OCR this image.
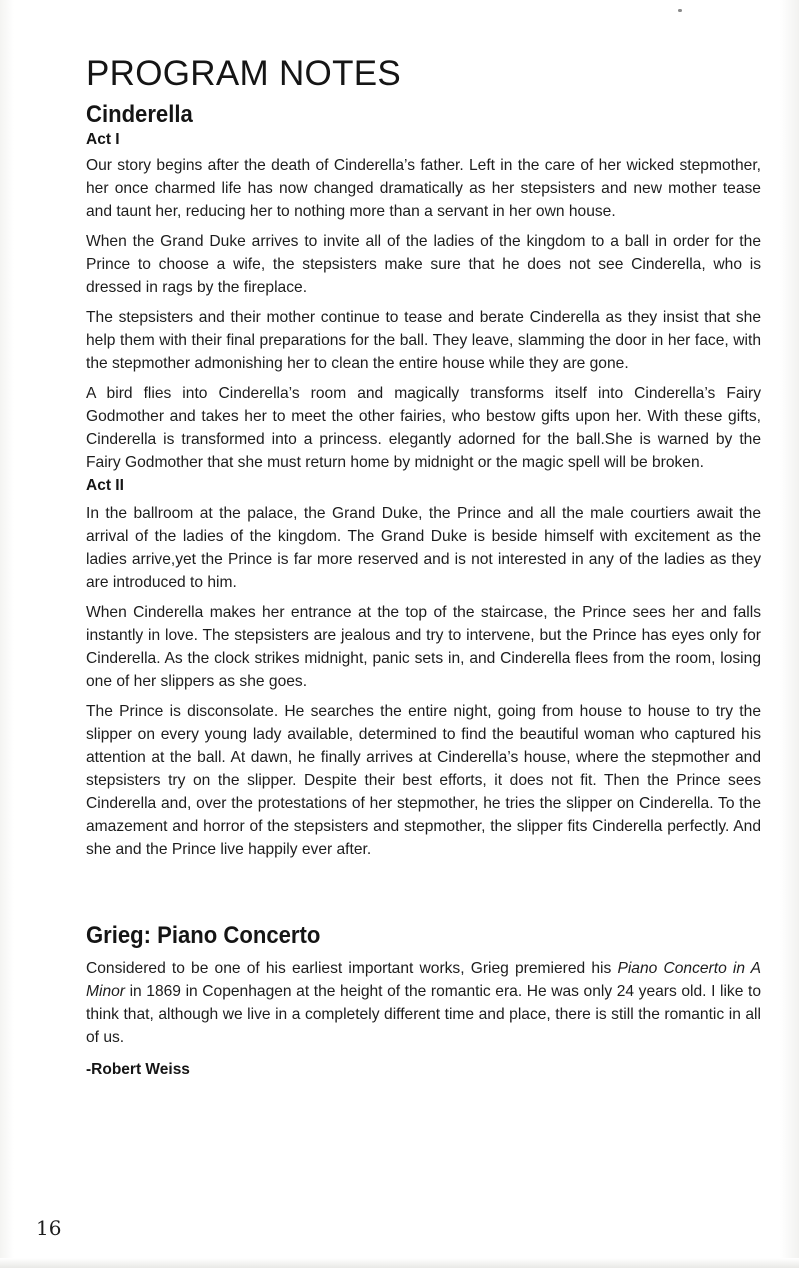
PROGRAM NOTES
Cinderella
Act I

Our story begins after the death of Cinderella’s father. Left in the care of her wicked stepmother, her once charmed life has now changed dramatically as her stepsisters and new mother tease and taunt her, reducing her to nothing more than a servant in her own house.

When the Grand Duke arrives to invite all of the ladies of the kingdom to a ball in order for the Prince to choose a wife, the stepsisters make sure that he does not see Cinderella, who is dressed in rags by the fireplace.

The stepsisters and their mother continue to tease and berate Cinderella as they insist that she help them with their final preparations for the ball. They leave, slamming the door in her face, with the stepmother admonishing her to clean the entire house while they are gone.

A bird flies into Cinderella’s room and magically transforms itself into Cinderella’s Fairy Godmother and takes her to meet the other fairies, who bestow gifts upon her. With these gifts, Cinderella is transformed into a princess. elegantly adorned for the ball.She is warned by the Fairy Godmother that she must return home by midnight or the magic spell will be broken.

Act II

In the ballroom at the palace, the Grand Duke, the Prince and all the male courtiers await the arrival of the ladies of the kingdom. The Grand Duke is beside himself with excitement as the ladies arrive,yet the Prince is far more reserved and is not interested in any of the ladies as they are introduced to him.

When Cinderella makes her entrance at the top of the staircase, the Prince sees her and falls instantly in love. The stepsisters are jealous and try to intervene, but the Prince has eyes only for Cinderella. As the clock strikes midnight, panic sets in, and Cinderella flees from the room, losing one of her slippers as she goes.

The Prince is disconsolate. He searches the entire night, going from house to house to try the slipper on every young lady available, determined to find the beautiful woman who captured his attention at the ball. At dawn, he finally arrives at Cinderella’s house, where the stepmother and stepsisters try on the slipper. Despite their best efforts, it does not fit. Then the Prince sees Cinderella and, over the protestations of her stepmother, he tries the slipper on Cinderella. To the amazement and horror of the stepsisters and stepmother, the slipper fits Cinderella perfectly. And she and the Prince live happily ever after.

Grieg: Piano Concerto

Considered to be one of his earliest important works, Grieg premiered his Piano Concerto in A Minor in 1869 in Copenhagen at the height of the romantic era. He was only 24 years old. I like to think that, although we live in a completely different time and place, there is still the romantic in all of us.

-Robert Weiss
16
